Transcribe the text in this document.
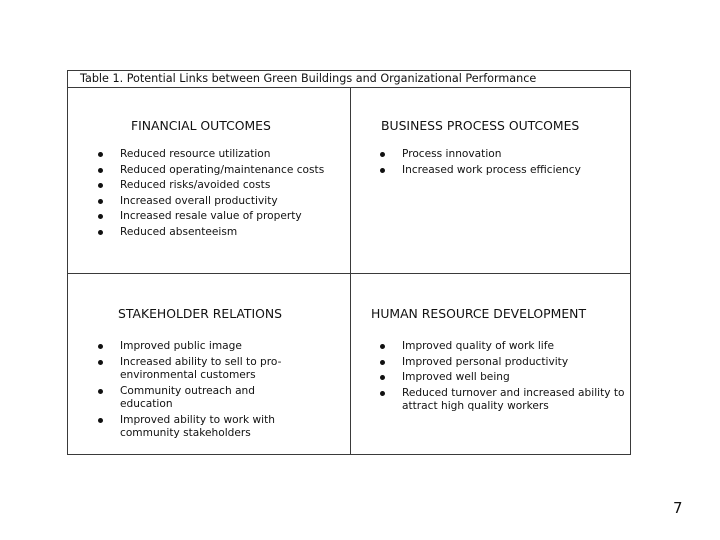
Table 1. Potential Links between Green Buildings and Organizational Performance
FINANCIAL OUTCOMES
Reduced resource utilization
Reduced operating/maintenance costs
Reduced risks/avoided costs
Increased overall productivity
Increased resale value of property
Reduced absenteeism
BUSINESS PROCESS OUTCOMES
Process innovation
Increased work process efficiency
STAKEHOLDER RELATIONS
Improved public image
Increased ability to sell to pro-environmental customers
Community outreach and education
Improved ability to work with community stakeholders
HUMAN RESOURCE DEVELOPMENT
Improved quality of work life
Improved personal productivity
Improved well being
Reduced turnover and increased ability to attract high quality workers
7
